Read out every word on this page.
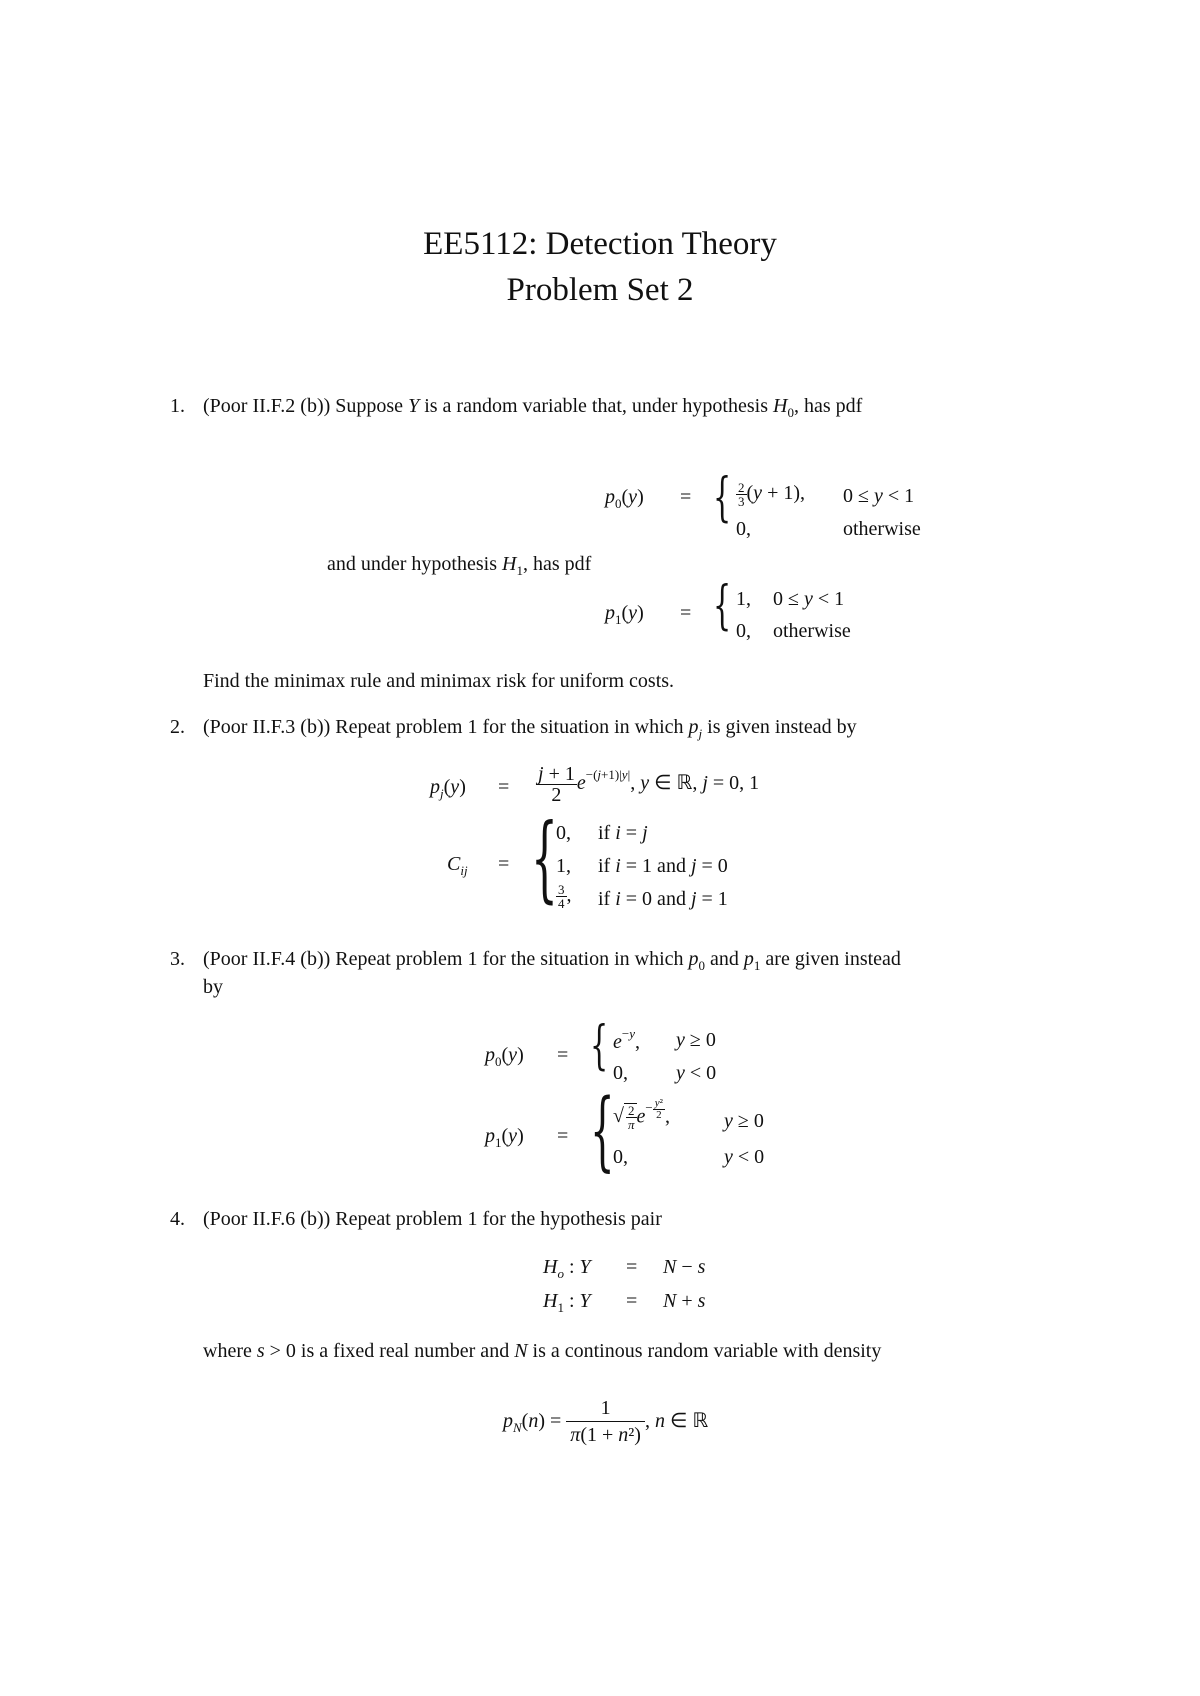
EE5112: Detection Theory
Problem Set 2
1. (Poor II.F.2 (b)) Suppose Y is a random variable that, under hypothesis $H_0$, has pdf
$p_0(y)$ = { $\frac{2}{3} (y + 1)$, 0 ≤ y < 1
0,	otherwise
and under hypothesis $H_1$, has pdf
$p_1(y)$ = { 1, 0 ≤ y < 1
0, otherwise
Find the minimax rule and minimax risk for uniform costs.
2. (Poor II.F.3 (b)) Repeat problem 1 for the situation in which $p_j$ is given instead by
$p_j(y) = \frac{j + 1}{2} e^{-(j+1)|y|}$, y ∈ ℝ, j = 0, 1
$C_{ij}$ = {
0, if i = j
1, if i = 1 and j = 0
$\frac{3}{4}$ , if i = 0 and j = 1
3. (Poor II.F.4 (b)) Repeat problem 1 for the situation in which $p_0$ and $p_1$ are given instead
by
$p_0(y)$ = { $e^{-y}$, y ≥ 0
0, y < 0
$p_1(y)$ = {
√ $\frac{2}{\pi} e^{- \frac{\text{y²}}{2}}$ ,	y ≥ 0
0,	y < 0
4. (Poor II.F.6 (b)) Repeat problem 1 for the hypothesis pair
$H_o$ : Y = N − s
$H_1$ : Y = N + s
where s > 0 is a fixed real number and N is a continous random variable with density
$p_N(n) = \frac{1}{\text{π(1 + n²)}}$ , n ∈ ℝ
